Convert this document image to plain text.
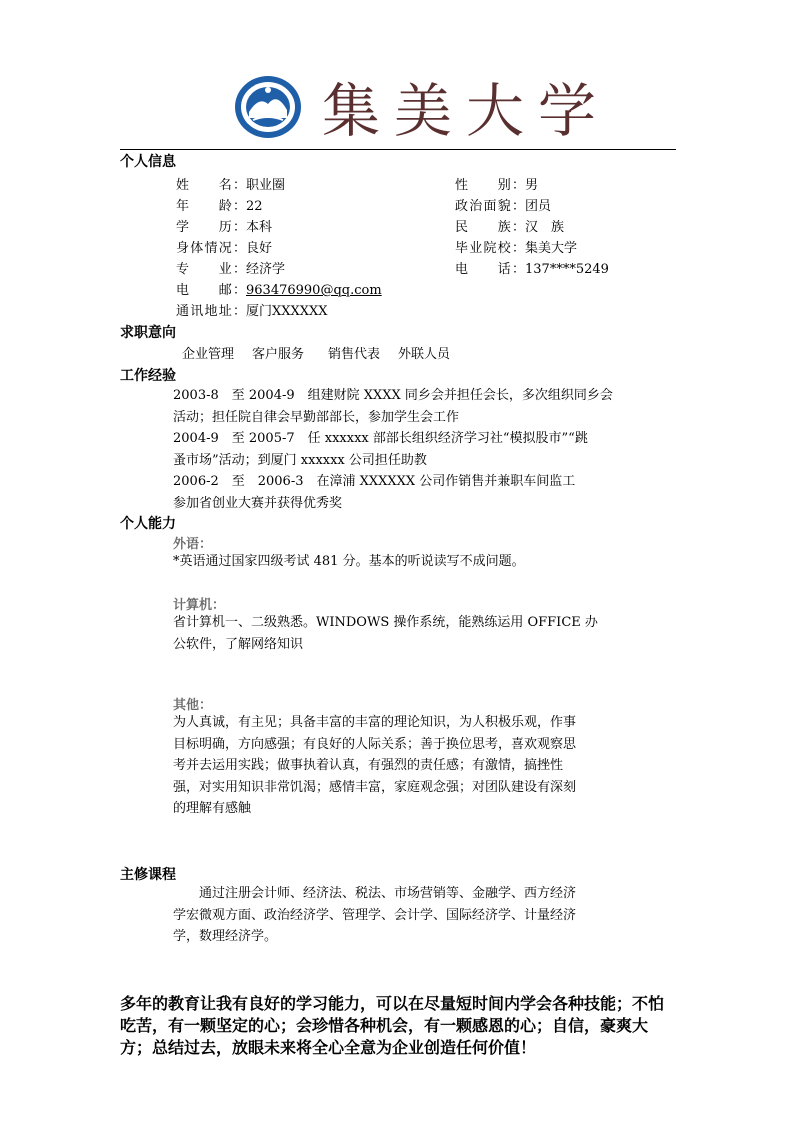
集美大学
个人信息
姓　　名：职业圈	性　　别：男
年　　龄：22	政治面貌：团员
学　　历：本科	民　　族：汉　族
身体情况：良好	毕业院校：集美大学
专　　业：经济学	电　　话：137****5249
电　　邮：963476990@qq.com
通讯地址：厦门XXXXXX
求职意向
企业管理 客户服务 销售代表 外联人员
工作经验
2003-8　至 2004-9　组建财院 XXXX 同乡会并担任会长，多次组织同乡会
活动；担任院自律会早勤部部长，参加学生会工作
2004-9　至 2005-7　任 xxxxxx 部部长组织经济学习社“模拟股市”“跳
蚤市场”活动；到厦门 xxxxxx 公司担任助教
2006-2　至　2006-3　在漳浦 XXXXXX 公司作销售并兼职车间监工
参加省创业大赛并获得优秀奖
个人能力
外语：
*英语通过国家四级考试 481 分。基本的听说读写不成问题。
计算机：
省计算机一、二级熟悉。WINDOWS 操作系统，能熟练运用 OFFICE 办
公软件，了解网络知识
其他：
为人真诚，有主见；具备丰富的丰富的理论知识，为人积极乐观，作事
目标明确，方向感强；有良好的人际关系；善于换位思考，喜欢观察思
考并去运用实践；做事执着认真，有强烈的责任感；有激情，搞挫性
强，对实用知识非常饥渴；感情丰富，家庭观念强；对团队建设有深刻
的理解有感触
主修课程
　　通过注册会计师、经济法、税法、市场营销等、金融学、西方经济
学宏微观方面、政治经济学、管理学、会计学、国际经济学、计量经济
学，数理经济学。
多年的教育让我有良好的学习能力，可以在尽量短时间内学会各种技能；不怕
吃苦，有一颗坚定的心；会珍惜各种机会，有一颗感恩的心；自信，豪爽大
方；总结过去，放眼未来将全心全意为企业创造任何价值！
